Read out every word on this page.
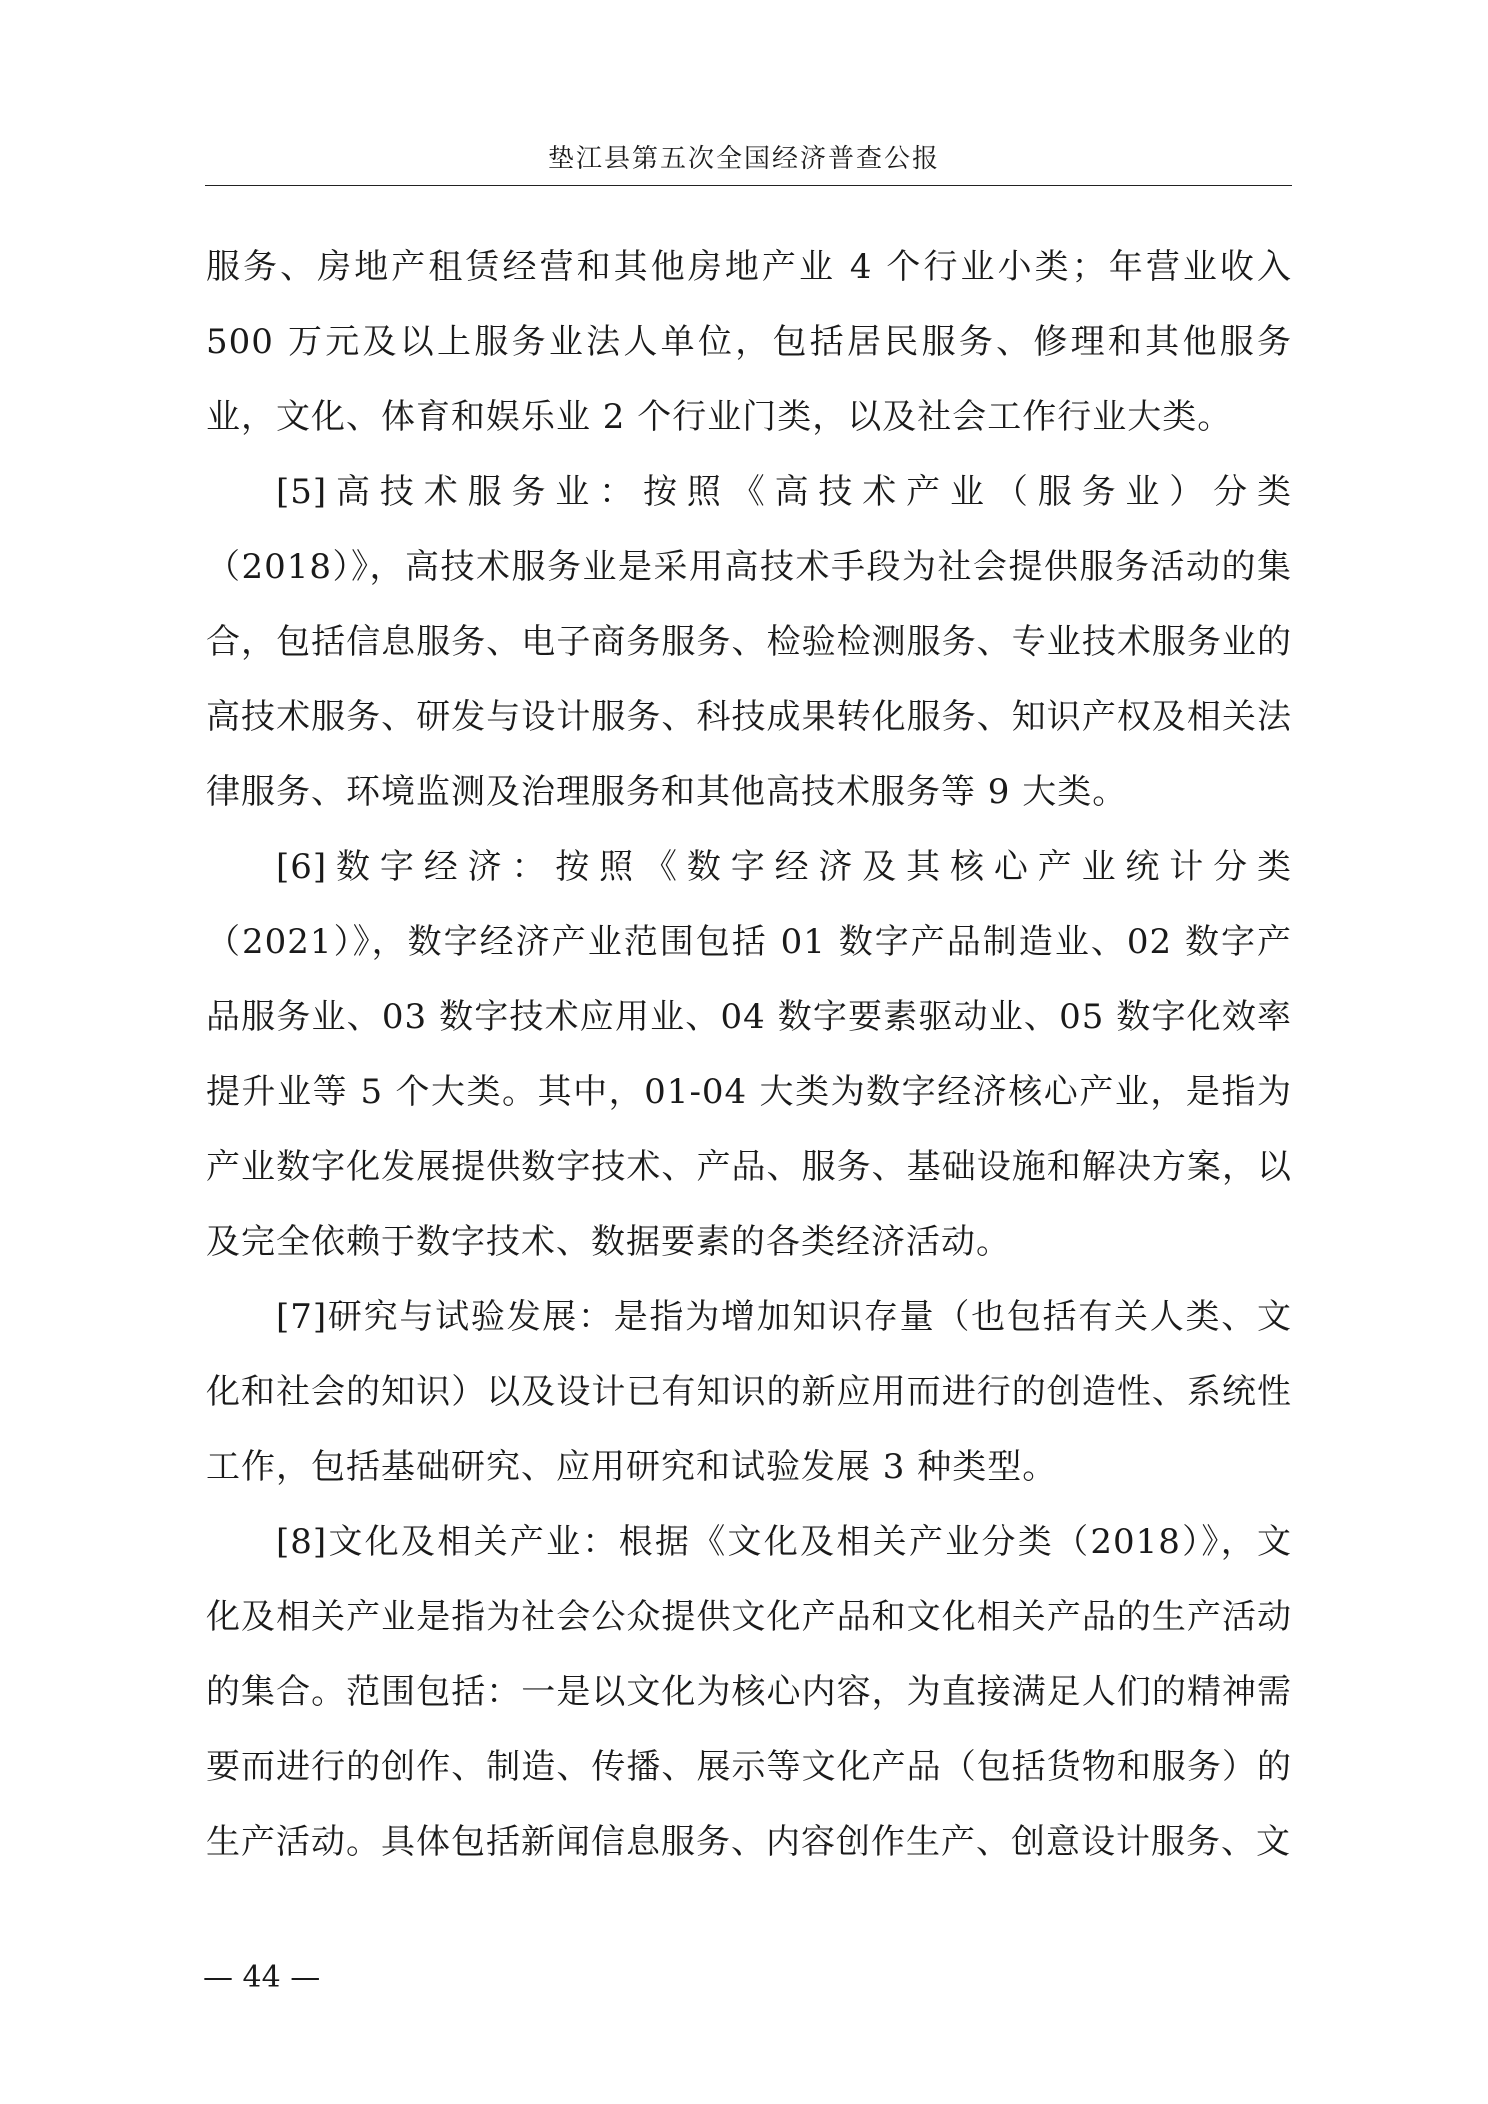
垫江县第五次全国经济普查公报

服务、房地产租赁经营和其他房地产业 4 个行业小类；年营业收入 500 万元及以上服务业法人单位，包括居民服务、修理和其他服务业，文化、体育和娱乐业 2 个行业门类，以及社会工作行业大类。

[5]高技术服务业：按照《高技术产业（服务业）分类（2018）》，高技术服务业是采用高技术手段为社会提供服务活动的集合，包括信息服务、电子商务服务、检验检测服务、专业技术服务业的高技术服务、研发与设计服务、科技成果转化服务、知识产权及相关法律服务、环境监测及治理服务和其他高技术服务等 9 大类。

[6]数字经济：按照《数字经济及其核心产业统计分类（2021）》，数字经济产业范围包括 01 数字产品制造业、02 数字产品服务业、03 数字技术应用业、04 数字要素驱动业、05 数字化效率提升业等 5 个大类。其中，01-04 大类为数字经济核心产业，是指为产业数字化发展提供数字技术、产品、服务、基础设施和解决方案，以及完全依赖于数字技术、数据要素的各类经济活动。

[7]研究与试验发展：是指为增加知识存量（也包括有关人类、文化和社会的知识）以及设计已有知识的新应用而进行的创造性、系统性工作，包括基础研究、应用研究和试验发展 3 种类型。

[8]文化及相关产业：根据《文化及相关产业分类（2018）》，文化及相关产业是指为社会公众提供文化产品和文化相关产品的生产活动的集合。范围包括：一是以文化为核心内容，为直接满足人们的精神需要而进行的创作、制造、传播、展示等文化产品（包括货物和服务）的生产活动。具体包括新闻信息服务、内容创作生产、创意设计服务、文

— 44 —
